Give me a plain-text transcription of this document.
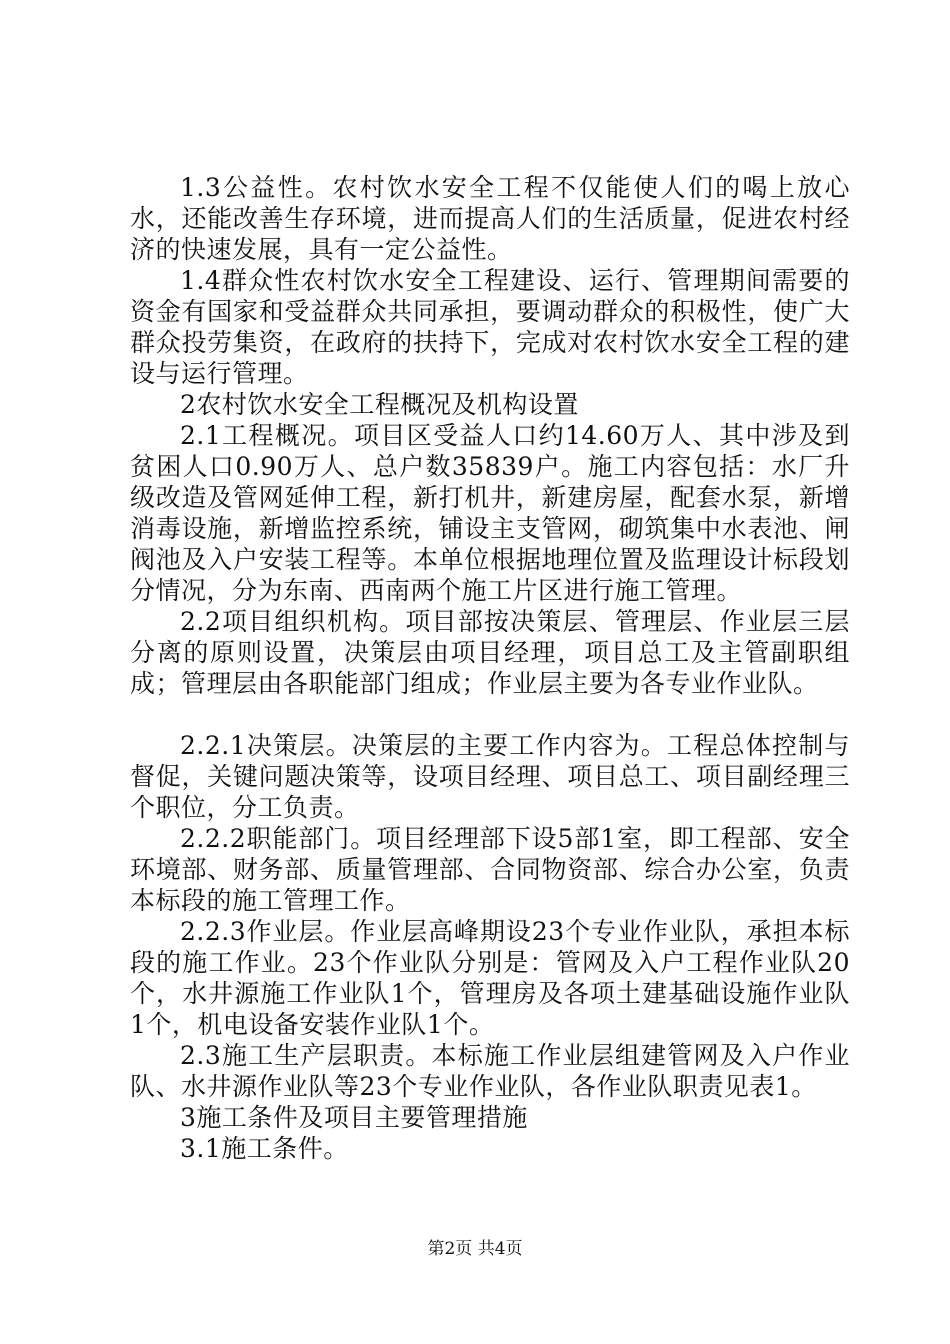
1.3公益性。农村饮水安全工程不仅能使人们的喝上放心水，还能改善生存环境，进而提高人们的生活质量，促进农村经济的快速发展，具有一定公益性。

1.4群众性农村饮水安全工程建设、运行、管理期间需要的资金有国家和受益群众共同承担，要调动群众的积极性，使广大群众投劳集资，在政府的扶持下，完成对农村饮水安全工程的建设与运行管理。

2农村饮水安全工程概况及机构设置

2.1工程概况。项目区受益人口约14.60万人、其中涉及到贫困人口0.90万人、总户数35839户。施工内容包括：水厂升级改造及管网延伸工程，新打机井，新建房屋，配套水泵，新增消毒设施，新增监控系统，铺设主支管网，砌筑集中水表池、闸阀池及入户安装工程等。本单位根据地理位置及监理设计标段划分情况，分为东南、西南两个施工片区进行施工管理。

2.2项目组织机构。项目部按决策层、管理层、作业层三层分离的原则设置，决策层由项目经理，项目总工及主管副职组成；管理层由各职能部门组成；作业层主要为各专业作业队。

2.2.1决策层。决策层的主要工作内容为。工程总体控制与督促，关键问题决策等，设项目经理、项目总工、项目副经理三个职位，分工负责。

2.2.2职能部门。项目经理部下设5部1室，即工程部、安全环境部、财务部、质量管理部、合同物资部、综合办公室，负责本标段的施工管理工作。

2.2.3作业层。作业层高峰期设23个专业作业队，承担本标段的施工作业。23个作业队分别是：管网及入户工程作业队20个，水井源施工作业队1个，管理房及各项土建基础设施作业队1个，机电设备安装作业队1个。

2.3施工生产层职责。本标施工作业层组建管网及入户作业队、水井源作业队等23个专业作业队，各作业队职责见表1。

3施工条件及项目主要管理措施

3.1施工条件。

第2页 共4页
